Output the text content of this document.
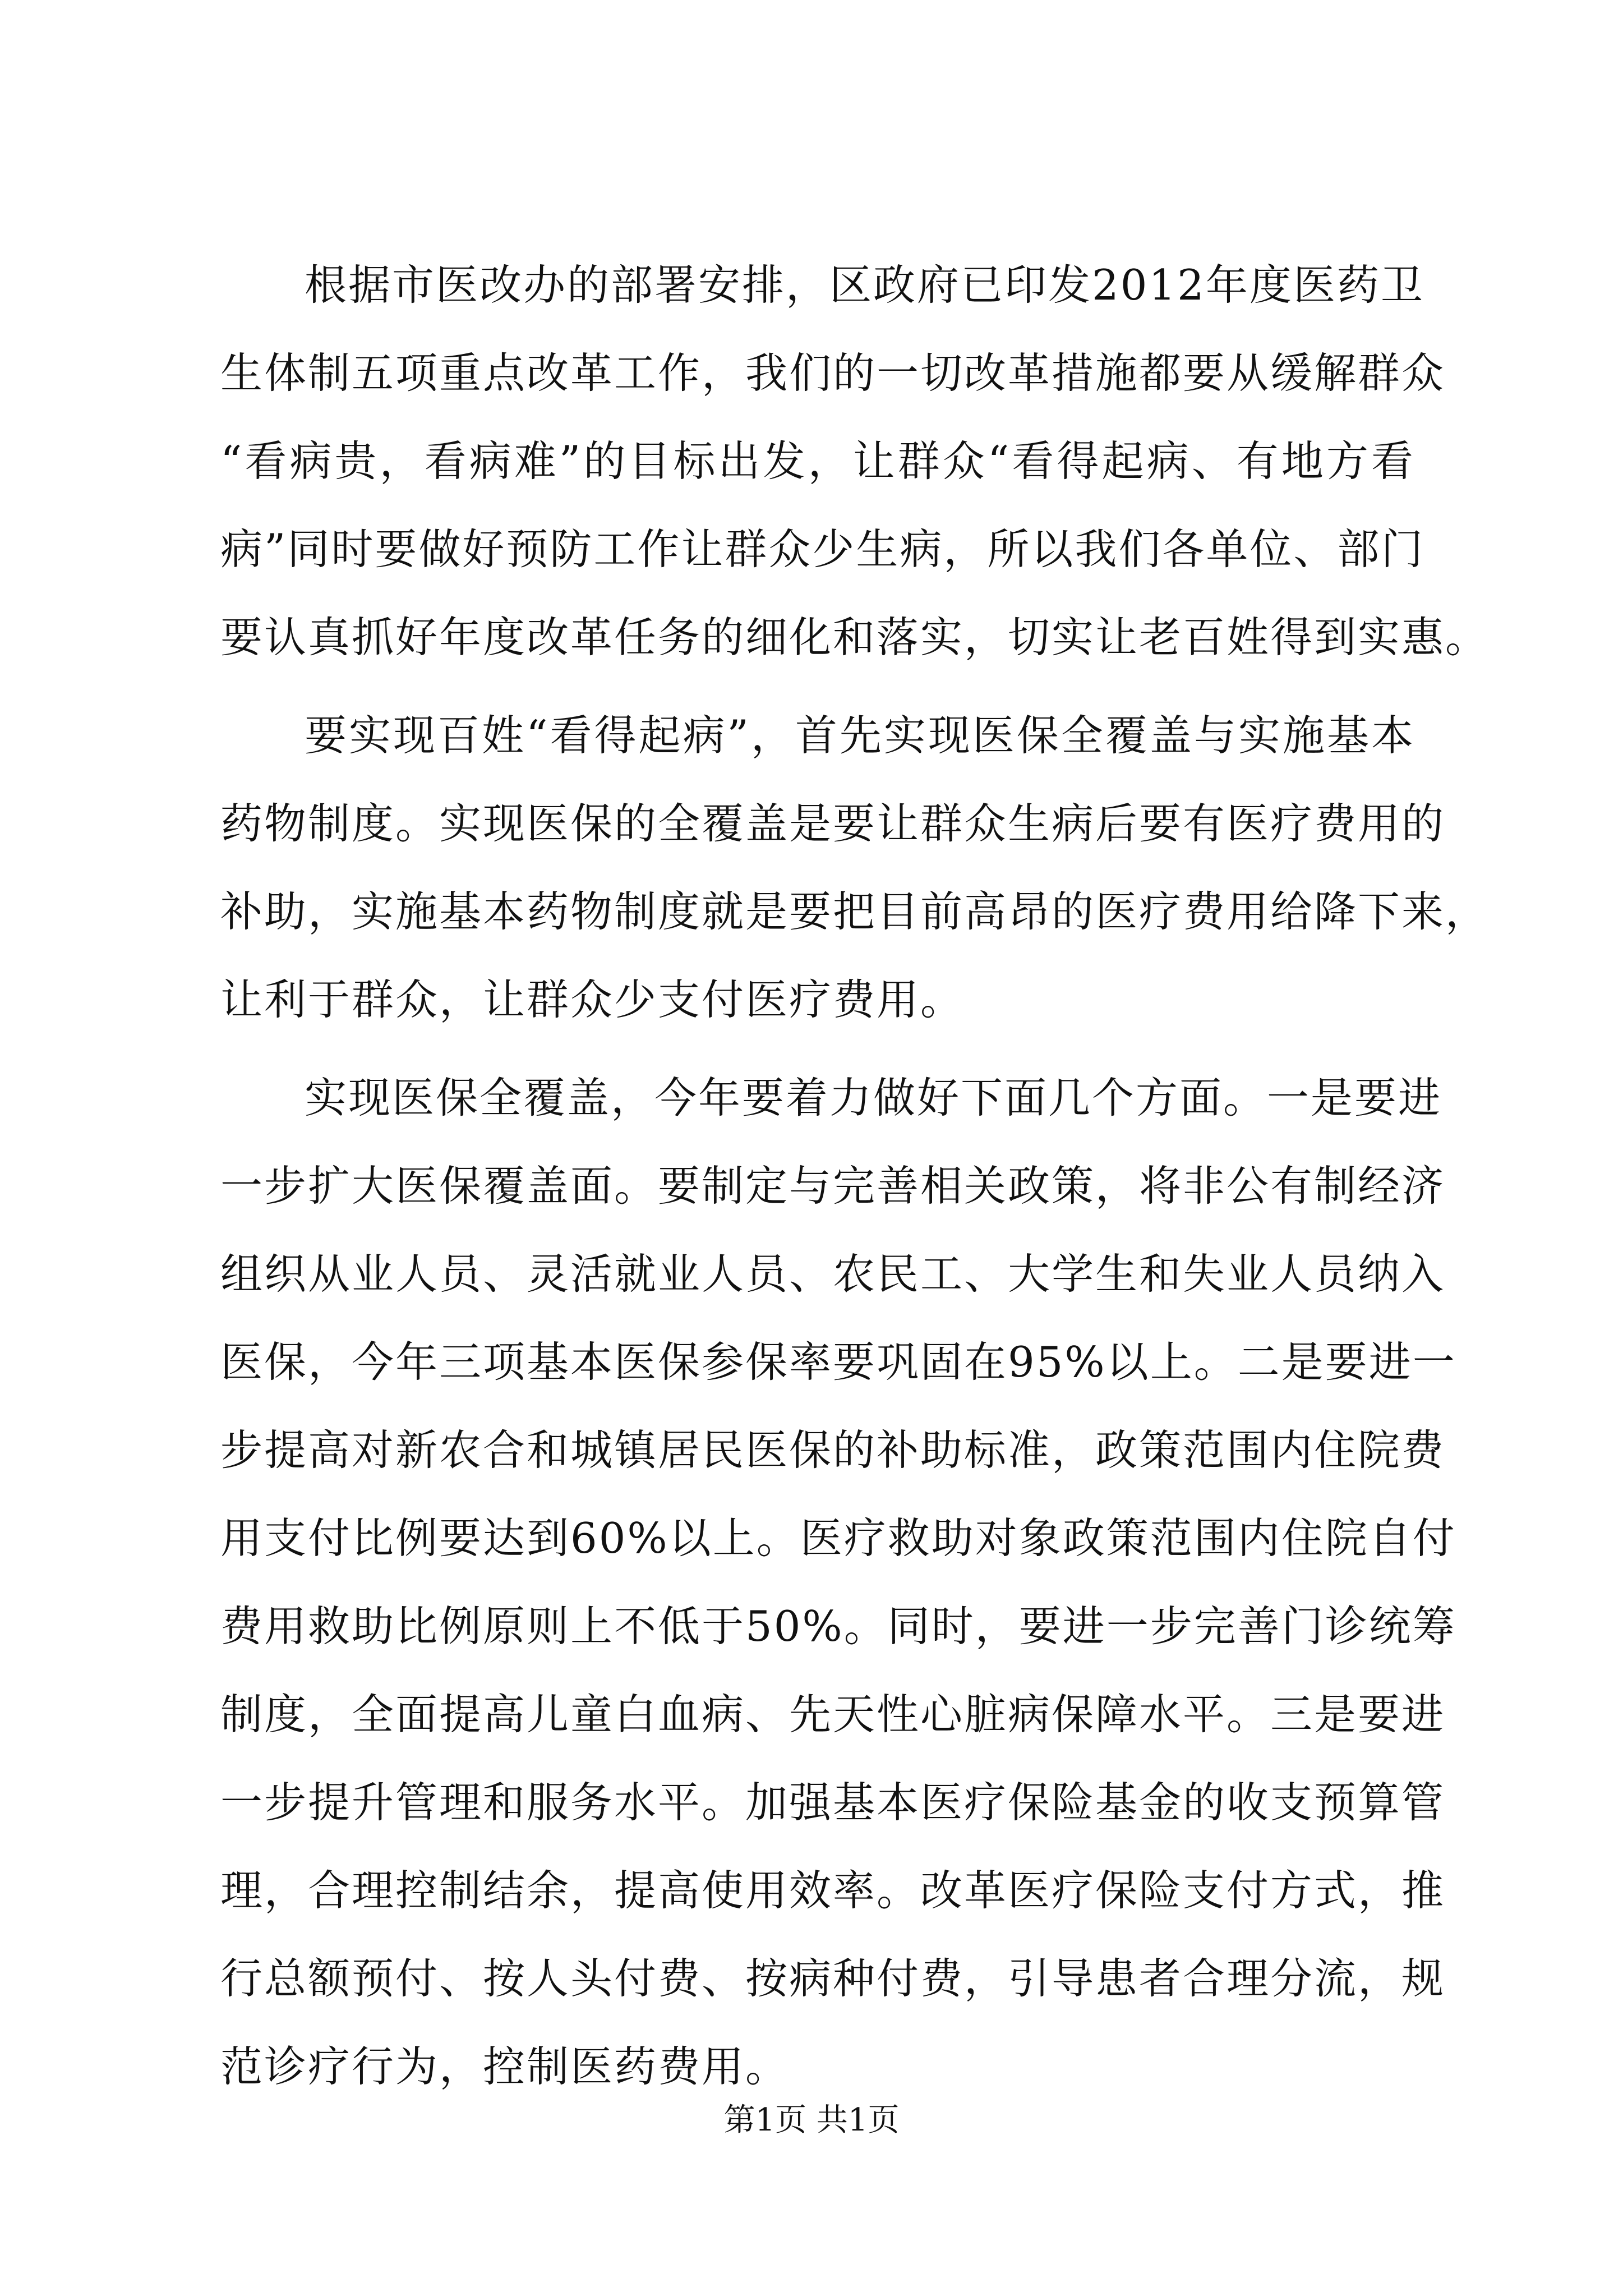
根据市医改办的部署安排，区政府已印发2012年度医药卫
生体制五项重点改革工作，我们的一切改革措施都要从缓解群众
“看病贵，看病难”的目标出发，让群众“看得起病、有地方看
病”同时要做好预防工作让群众少生病，所以我们各单位、部门
要认真抓好年度改革任务的细化和落实，切实让老百姓得到实惠。
要实现百姓“看得起病”，首先实现医保全覆盖与实施基本
药物制度。实现医保的全覆盖是要让群众生病后要有医疗费用的
补助，实施基本药物制度就是要把目前高昂的医疗费用给降下来，
让利于群众，让群众少支付医疗费用。
实现医保全覆盖，今年要着力做好下面几个方面。一是要进
一步扩大医保覆盖面。要制定与完善相关政策，将非公有制经济
组织从业人员、灵活就业人员、农民工、大学生和失业人员纳入
医保，今年三项基本医保参保率要巩固在95%以上。二是要进一
步提高对新农合和城镇居民医保的补助标准，政策范围内住院费
用支付比例要达到60%以上。医疗救助对象政策范围内住院自付
费用救助比例原则上不低于50%。同时，要进一步完善门诊统筹
制度，全面提高儿童白血病、先天性心脏病保障水平。三是要进
一步提升管理和服务水平。加强基本医疗保险基金的收支预算管
理，合理控制结余，提高使用效率。改革医疗保险支付方式，推
行总额预付、按人头付费、按病种付费，引导患者合理分流，规
范诊疗行为，控制医药费用。
第1页 共1页
